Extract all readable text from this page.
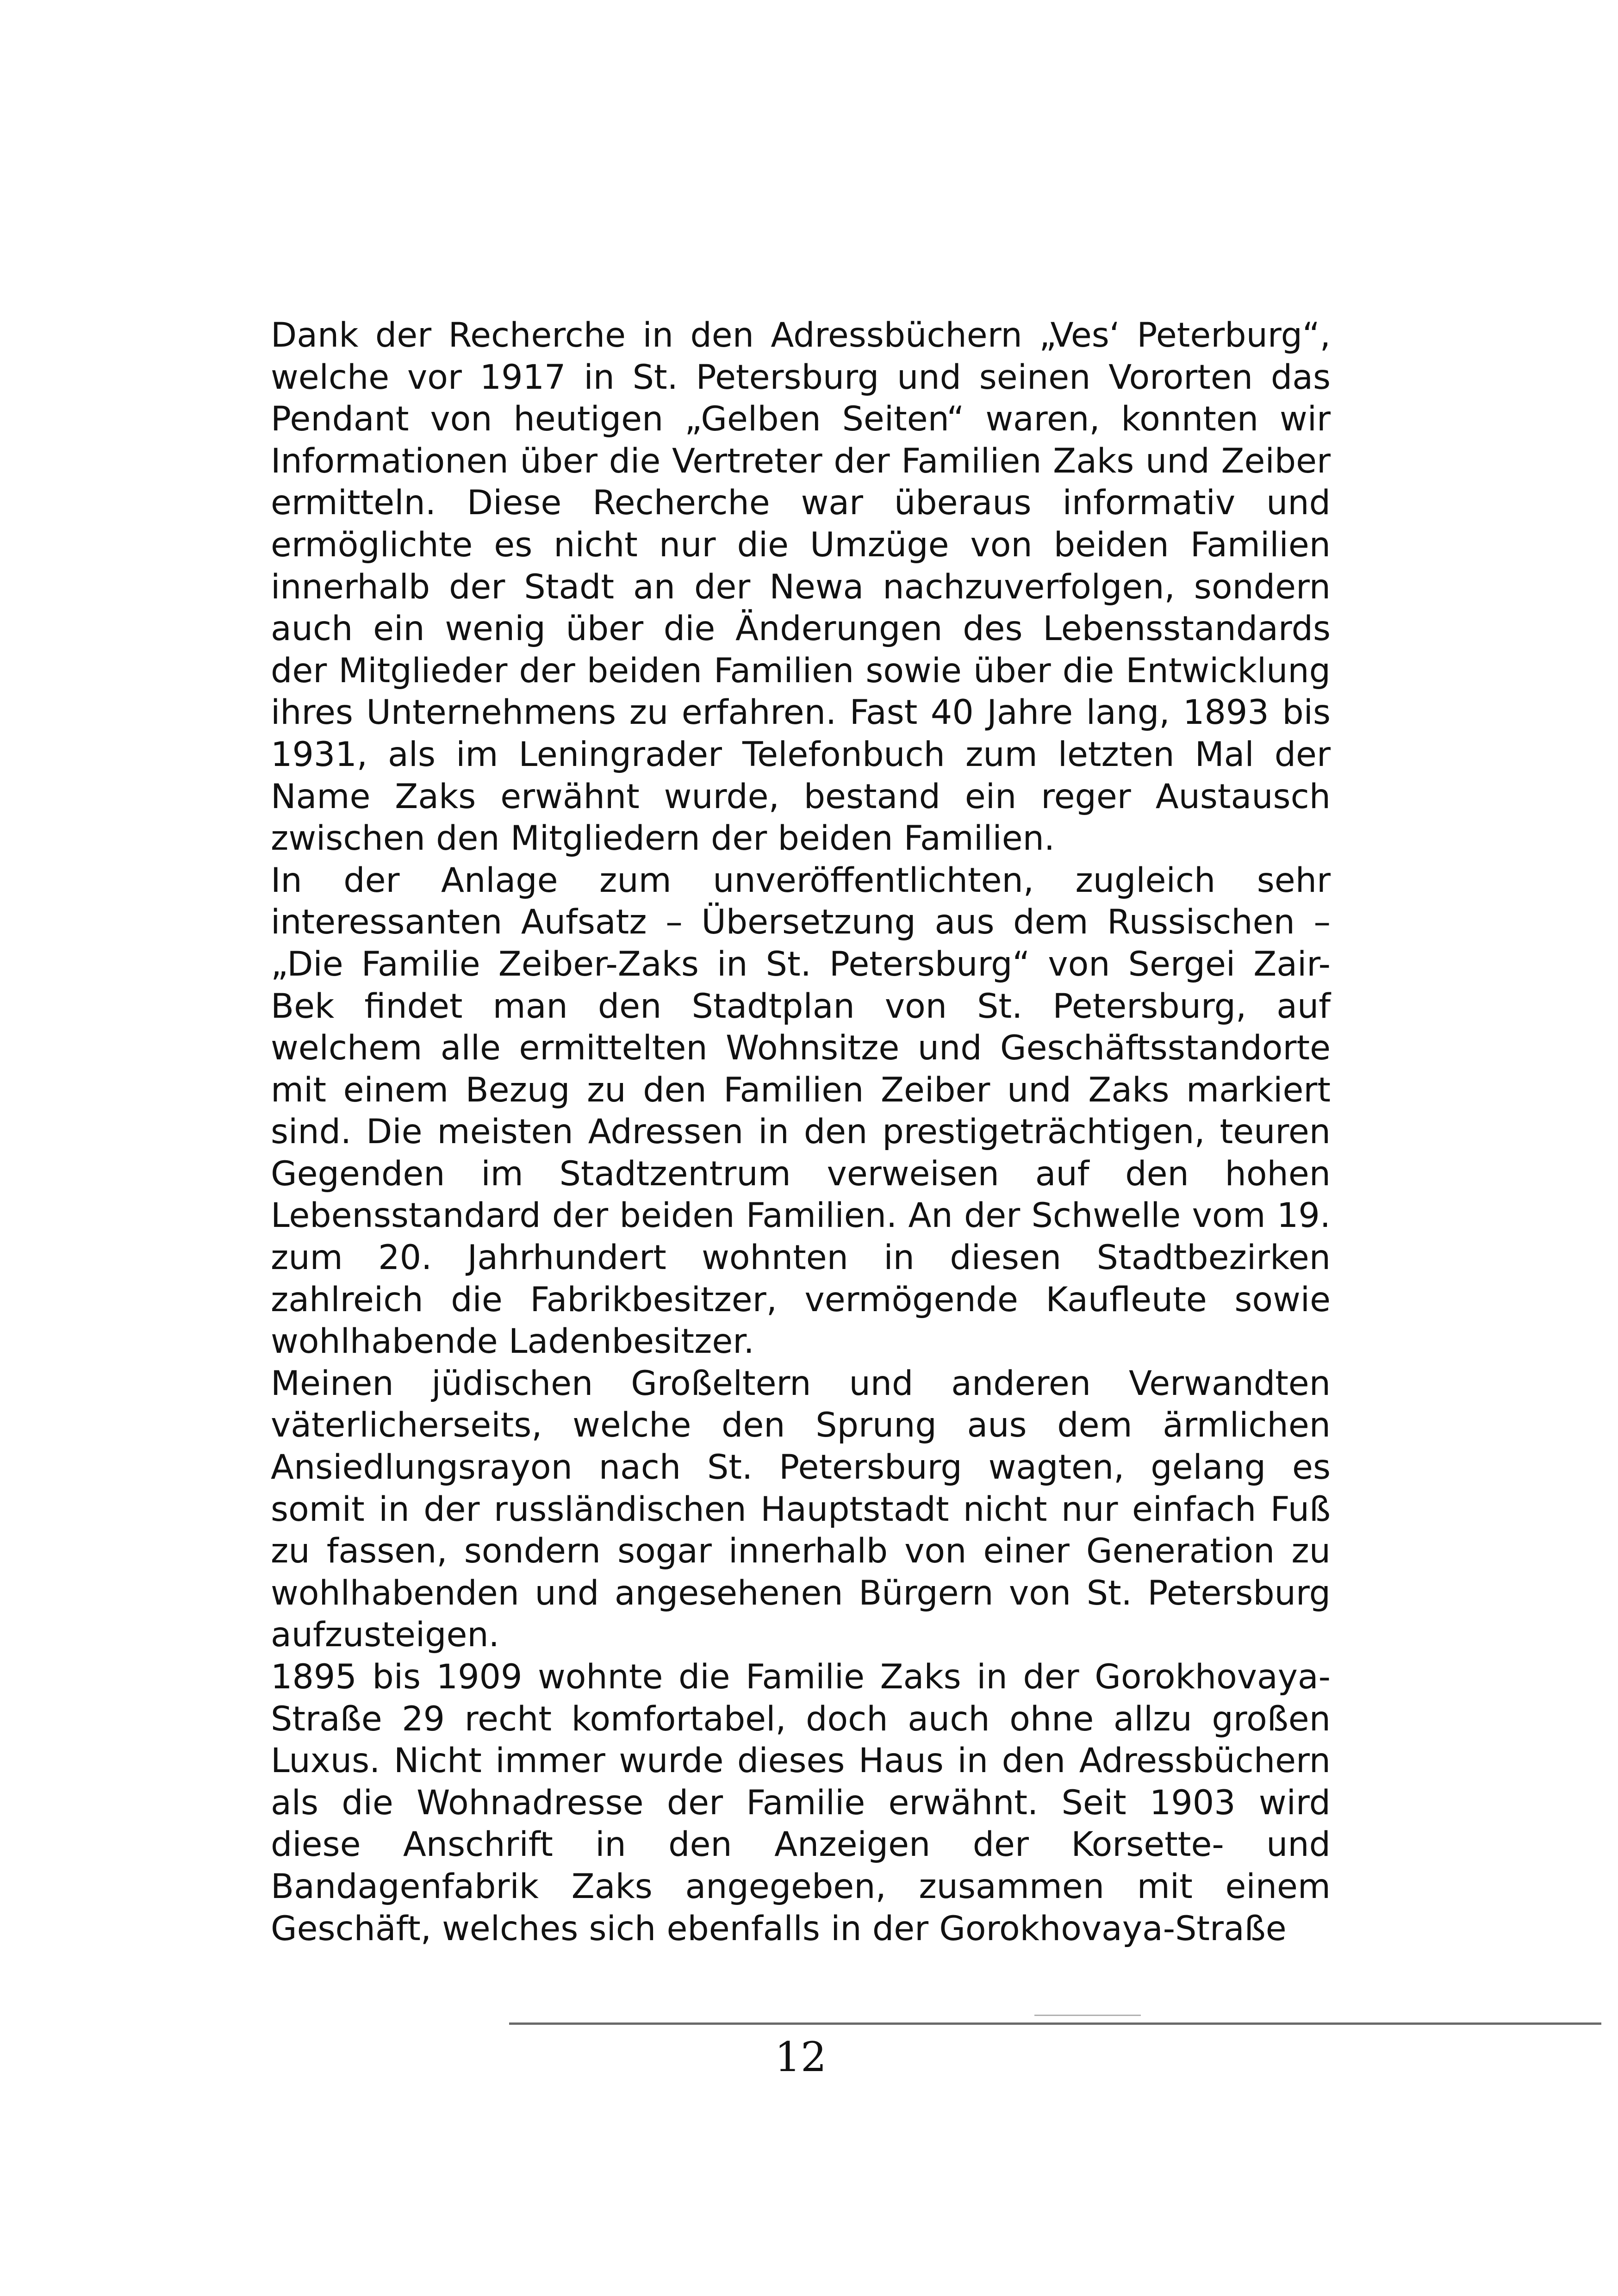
Dank der Recherche in den Adressbüchern „Ves‘ Peterburg“, welche vor 1917 in St. Petersburg und seinen Vororten das Pendant von heutigen „Gelben Seiten“ waren, konnten wir Informationen über die Vertreter der Familien Zaks und Zeiber ermitteln. Diese Recherche war überaus informativ und ermöglichte es nicht nur die Umzüge von beiden Familien innerhalb der Stadt an der Newa nachzuverfolgen, sondern auch ein wenig über die Änderungen des Lebensstandards der Mitglieder der beiden Familien sowie über die Entwicklung ihres Unternehmens zu erfahren. Fast 40 Jahre lang, 1893 bis 1931, als im Leningrader Telefonbuch zum letzten Mal der Name Zaks erwähnt wurde, bestand ein reger Austausch zwischen den Mitgliedern der beiden Familien.

In der Anlage zum unveröffentlichten, zugleich sehr interessanten Aufsatz – Übersetzung aus dem Russischen – „Die Familie Zeiber-Zaks in St. Petersburg“ von Sergei Zair-Bek findet man den Stadtplan von St. Petersburg, auf welchem alle ermittelten Wohnsitze und Geschäftsstandorte mit einem Bezug zu den Familien Zeiber und Zaks markiert sind. Die meisten Adressen in den prestigeträchtigen, teuren Gegenden im Stadtzentrum verweisen auf den hohen Lebensstandard der beiden Familien. An der Schwelle vom 19. zum 20. Jahrhundert wohnten in diesen Stadtbezirken zahlreich die Fabrikbesitzer, vermögende Kaufleute sowie wohlhabende Ladenbesitzer.

Meinen jüdischen Großeltern und anderen Verwandten väterlicherseits, welche den Sprung aus dem ärmlichen Ansiedlungsrayon nach St. Petersburg wagten, gelang es somit in der russländischen Hauptstadt nicht nur einfach Fuß zu fassen, sondern sogar innerhalb von einer Generation zu wohlhabenden und angesehenen Bürgern von St. Petersburg aufzusteigen.

1895 bis 1909 wohnte die Familie Zaks in der Gorokhovaya-Straße 29 recht komfortabel, doch auch ohne allzu großen Luxus. Nicht immer wurde dieses Haus in den Adressbüchern als die Wohnadresse der Familie erwähnt. Seit 1903 wird diese Anschrift in den Anzeigen der Korsette- und Bandagenfabrik Zaks angegeben, zusammen mit einem Geschäft, welches sich ebenfalls in der Gorokhovaya-Straße

12
